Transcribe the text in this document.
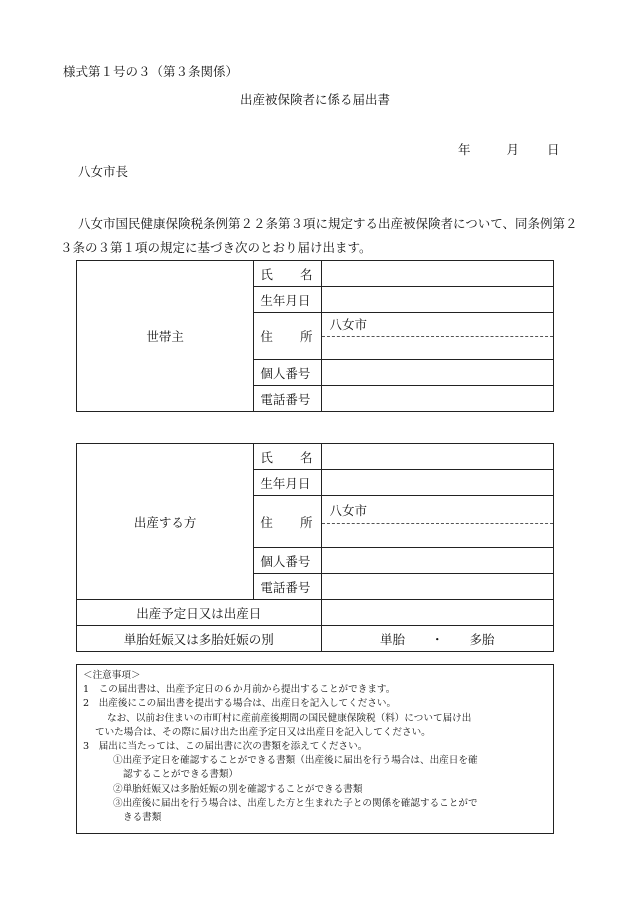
様式第１号の３（第３条関係）
出産被保険者に係る届出書
年	月 日
八女市長
八女市国民健康保険税条例第２２条第３項に規定する出産被保険者について、同条例第２３条の３第１項の規定に基づき次のとおり届け出ます。
世帯主	氏 名	

	生年月日	

	住 所	八女市

	個人番号	
	電話番号	
出産する方	氏 名	

	生年月日	

	住 所	八女市

	個人番号	
	電話番号	
出産予定日又は出産日		
単胎妊娠又は多胎妊娠の別		単胎 ・ 多胎
＜注意事項＞
1　この届出書は、出産予定日の６か月前から提出することができます。
2　出産後にこの届出書を提出する場合は、出産日を記入してください。
なお、以前お住まいの市町村に産前産後期間の国民健康保険税（料）について届け出
ていた場合は、その際に届け出た出産予定日又は出産日を記入してください。
3　届出に当たっては、この届出書に次の書類を添えてください。
①出産予定日を確認することができる書類（出産後に届出を行う場合は、出産日を確
認することができる書類）
②単胎妊娠又は多胎妊娠の別を確認することができる書類
③出産後に届出を行う場合は、出産した方と生まれた子との関係を確認することがで
きる書類
